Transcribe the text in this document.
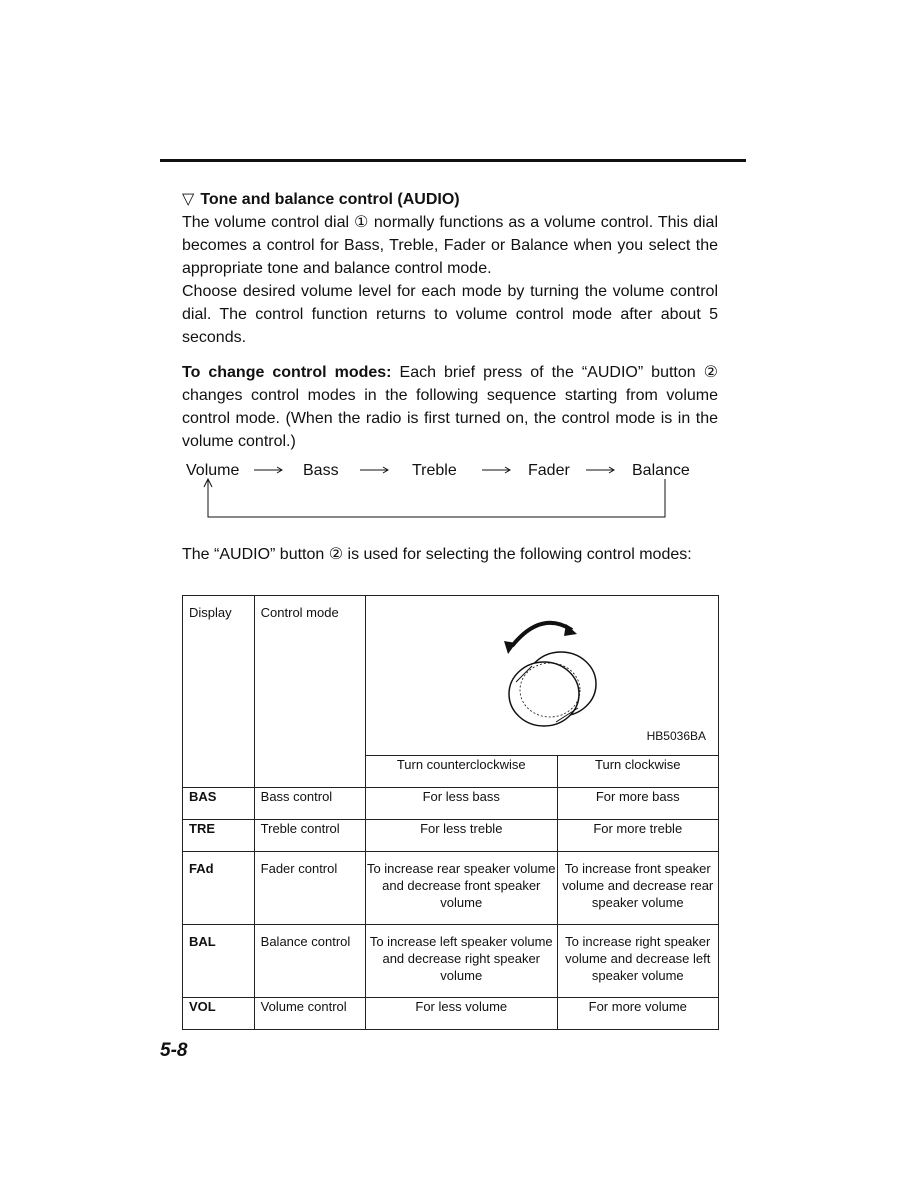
▽ Tone and balance control (AUDIO)

The volume control dial ① normally functions as a volume control. This dial becomes a control for Bass, Treble, Fader or Balance when you select the appropriate tone and balance control mode.

Choose desired volume level for each mode by turning the volume control dial. The control function returns to volume control mode after about 5 seconds.

To change control modes: Each brief press of the “AUDIO” button ② changes control modes in the following sequence starting from volume control mode. (When the radio is first turned on, the control mode is in the volume control.)

Volume	Bass	Treble	Fader	Balance

The “AUDIO” button ② is used for selecting the following control modes:

Display	Control mode	HB5036BA	

		Turn counterclockwise	Turn clockwise
BAS	Bass control	For less bass	For more bass
TRE	Treble control	For less treble	For more treble
FAd	Fader control	To increase rear speaker volume and decrease front speaker volume	To increase front speaker volume and decrease rear speaker volume
BAL	Balance control	To increase left speaker volume and decrease right speaker volume	To increase right speaker volume and decrease left speaker volume
VOL	Volume control	For less volume	For more volume
5-8
